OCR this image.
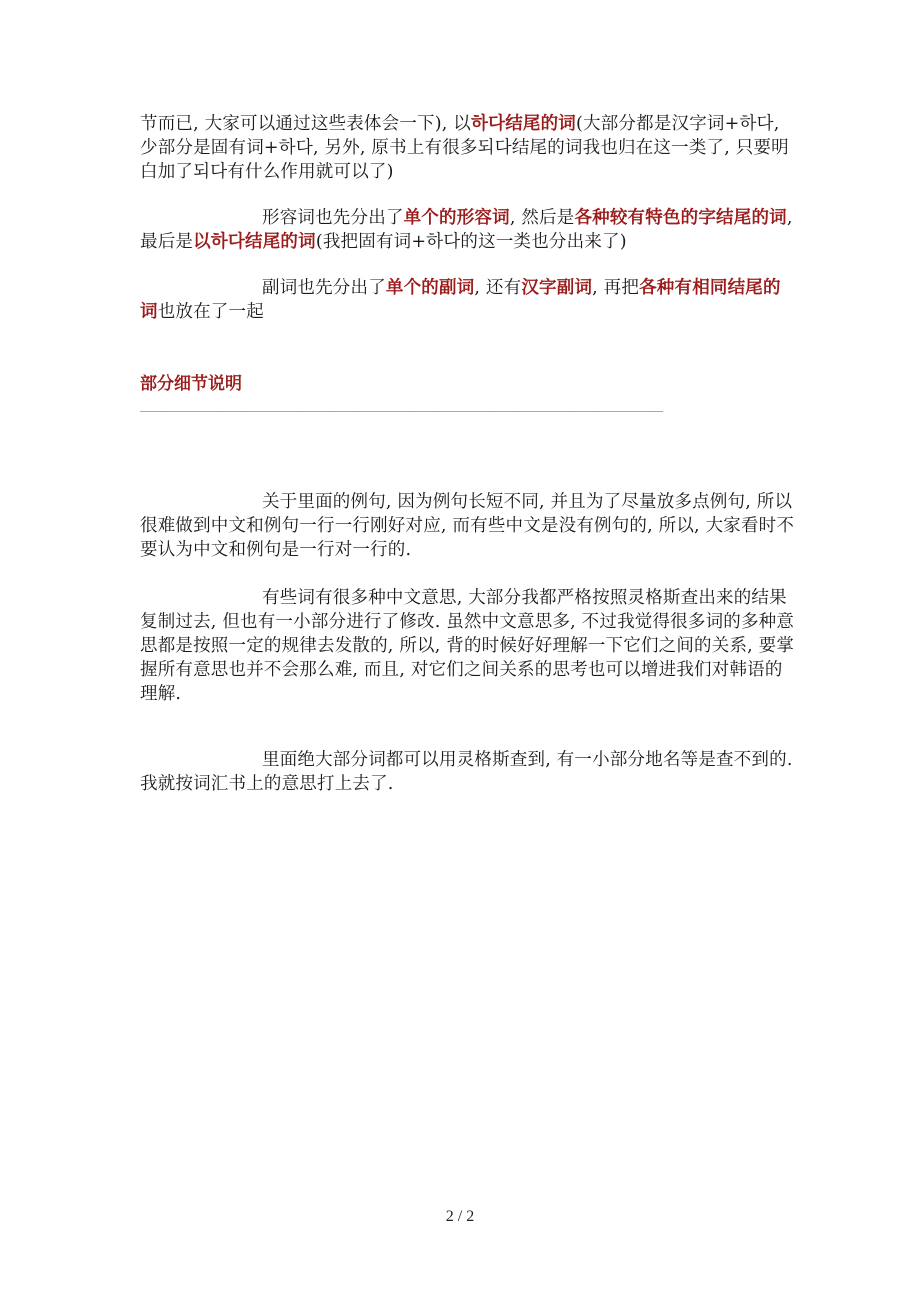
节而已, 大家可以通过这些表体会一下), 以하다结尾的词(大部分都是汉字词+하다, 少部分是固有词+하다, 另外, 原书上有很多되다结尾的词我也归在这一类了, 只要明白加了되다有什么作用就可以了)

形容词也先分出了单个的形容词, 然后是各种较有特色的字结尾的词, 最后是以하다结尾的词(我把固有词+하다的这一类也分出来了)

副词也先分出了单个的副词, 还有汉字副词, 再把各种有相同结尾的词也放在了一起

部分细节说明
_______________________________________________________________________________

关于里面的例句, 因为例句长短不同, 并且为了尽量放多点例句, 所以很难做到中文和例句一行一行刚好对应, 而有些中文是没有例句的, 所以, 大家看时不要认为中文和例句是一行对一行的.

有些词有很多种中文意思, 大部分我都严格按照灵格斯查出来的结果复制过去, 但也有一小部分进行了修改. 虽然中文意思多, 不过我觉得很多词的多种意思都是按照一定的规律去发散的, 所以, 背的时候好好理解一下它们之间的关系, 要掌握所有意思也并不会那么难, 而且, 对它们之间关系的思考也可以增进我们对韩语的理解.

里面绝大部分词都可以用灵格斯查到, 有一小部分地名等是查不到的. 我就按词汇书上的意思打上去了.

2 / 2
